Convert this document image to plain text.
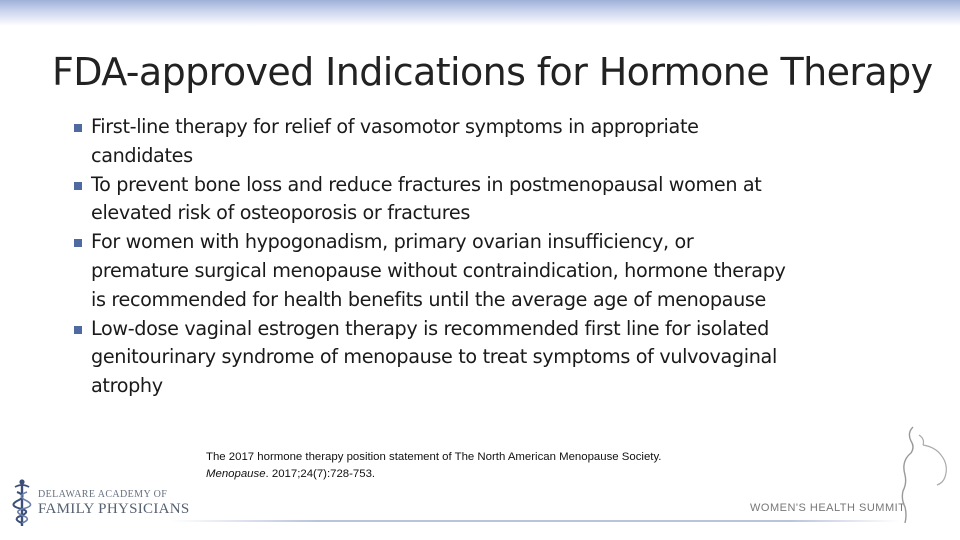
FDA-approved Indications for Hormone Therapy
First-line therapy for relief of vasomotor symptoms in appropriate candidates
To prevent bone loss and reduce fractures in postmenopausal women at elevated risk of osteoporosis or fractures
For women with hypogonadism, primary ovarian insufficiency, or premature surgical menopause without contraindication, hormone therapy is recommended for health benefits until the average age of menopause
Low-dose vaginal estrogen therapy is recommended first line for isolated genitourinary syndrome of menopause to treat symptoms of vulvovaginal atrophy
The 2017 hormone therapy position statement of The North American Menopause Society.
Menopause. 2017;24(7):728-753.
DELAWARE ACADEMY OF
FAMILY PHYSICIANS	WOMEN'S HEALTH SUMMIT
